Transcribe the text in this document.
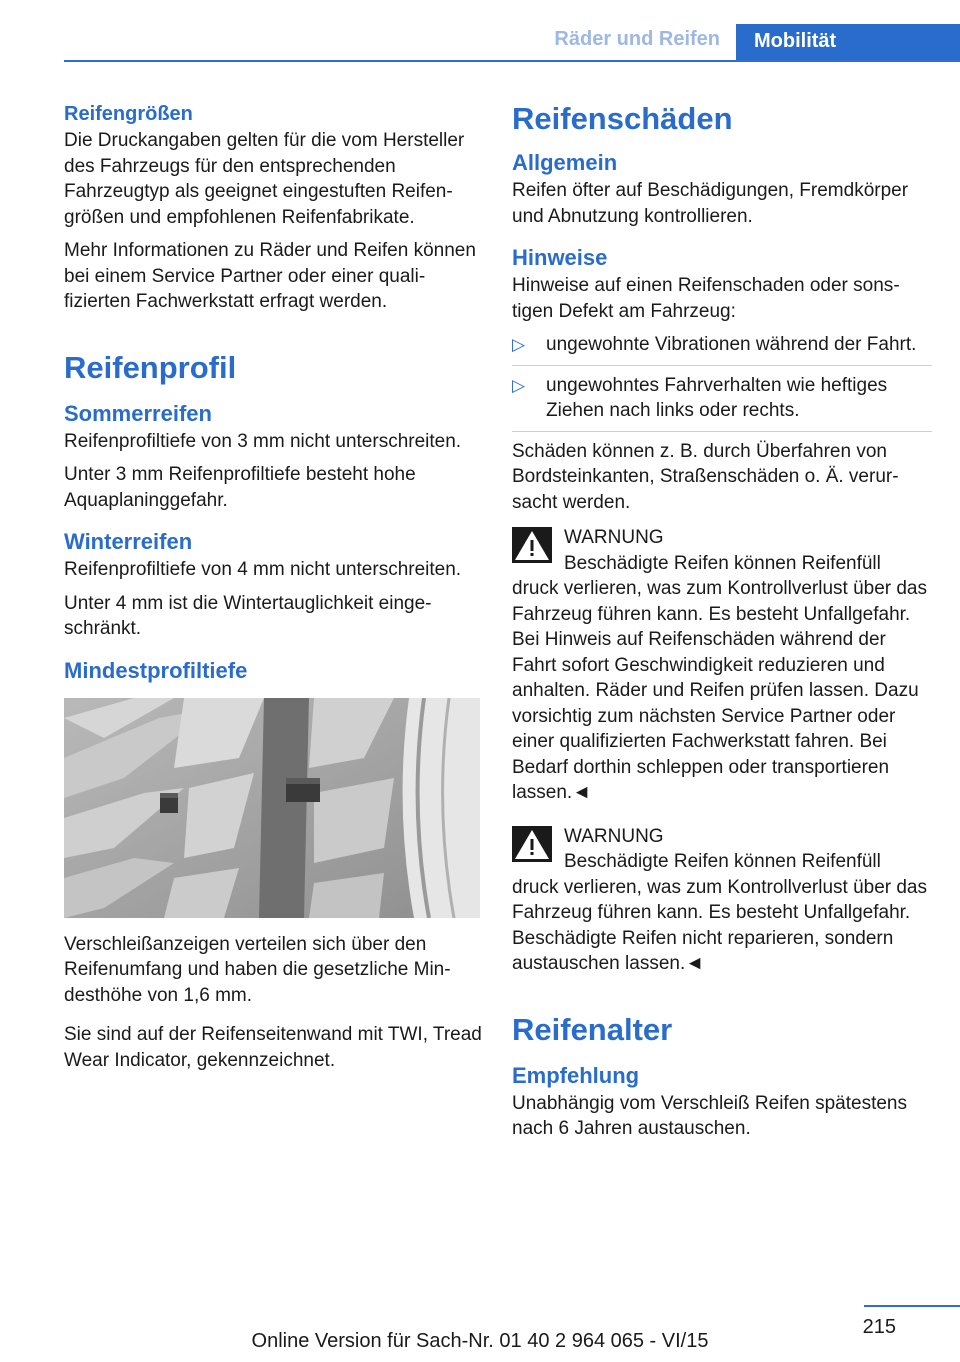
Räder und Reifen	Mobilität
Reifengrößen

Die Druckangaben gelten für die vom Hersteller des Fahrzeugs für den entsprechenden Fahrzeugtyp als geeignet eingestuften Reifengrößen und empfohlenen Reifenfabrikate.

Mehr Informationen zu Räder und Reifen können bei einem Service Partner oder einer qualifizierten Fachwerkstatt erfragt werden.

Reifenprofil
Sommerreifen

Reifenprofiltiefe von 3 mm nicht unterschreiten.

Unter 3 mm Reifenprofiltiefe besteht hohe Aquaplaninggefahr.

Winterreifen

Reifenprofiltiefe von 4 mm nicht unterschreiten.

Unter 4 mm ist die Wintertauglichkeit eingeschränkt.

Mindestprofiltiefe

Verschleißanzeigen verteilen sich über den Reifenumfang und haben die gesetzliche Mindesthöhe von 1,6 mm.

Sie sind auf der Reifenseitenwand mit TWI, Tread Wear Indicator, gekennzeichnet.

Reifenschäden
Allgemein

Reifen öfter auf Beschädigungen, Fremdkörper und Abnutzung kontrollieren.

Hinweise

Hinweise auf einen Reifenschaden oder sonstigen Defekt am Fahrzeug:

▷ ungewohnte Vibrationen während der Fahrt.
▷ ungewohntes Fahrverhalten wie heftiges Ziehen nach links oder rechts.

Schäden können z. B. durch Überfahren von Bordsteinkanten, Straßenschäden o. Ä. verursacht werden.

WARNUNG
Beschädigte Reifen können Reifenfüll

druck verlieren, was zum Kontrollverlust über das Fahrzeug führen kann. Es besteht Unfallgefahr. Bei Hinweis auf Reifenschäden während der Fahrt sofort Geschwindigkeit reduzieren und anhalten. Räder und Reifen prüfen lassen. Dazu vorsichtig zum nächsten Service Partner oder einer qualifizierten Fachwerkstatt fahren. Bei Bedarf dorthin schleppen oder transportieren lassen.◄

WARNUNG
Beschädigte Reifen können Reifenfüll

druck verlieren, was zum Kontrollverlust über das Fahrzeug führen kann. Es besteht Unfallgefahr. Beschädigte Reifen nicht reparieren, sondern austauschen lassen.◄

Reifenalter
Empfehlung

Unabhängig vom Verschleiß Reifen spätestens nach 6 Jahren austauschen.

215
Online Version für Sach-Nr. 01 40 2 964 065 - VI/15
